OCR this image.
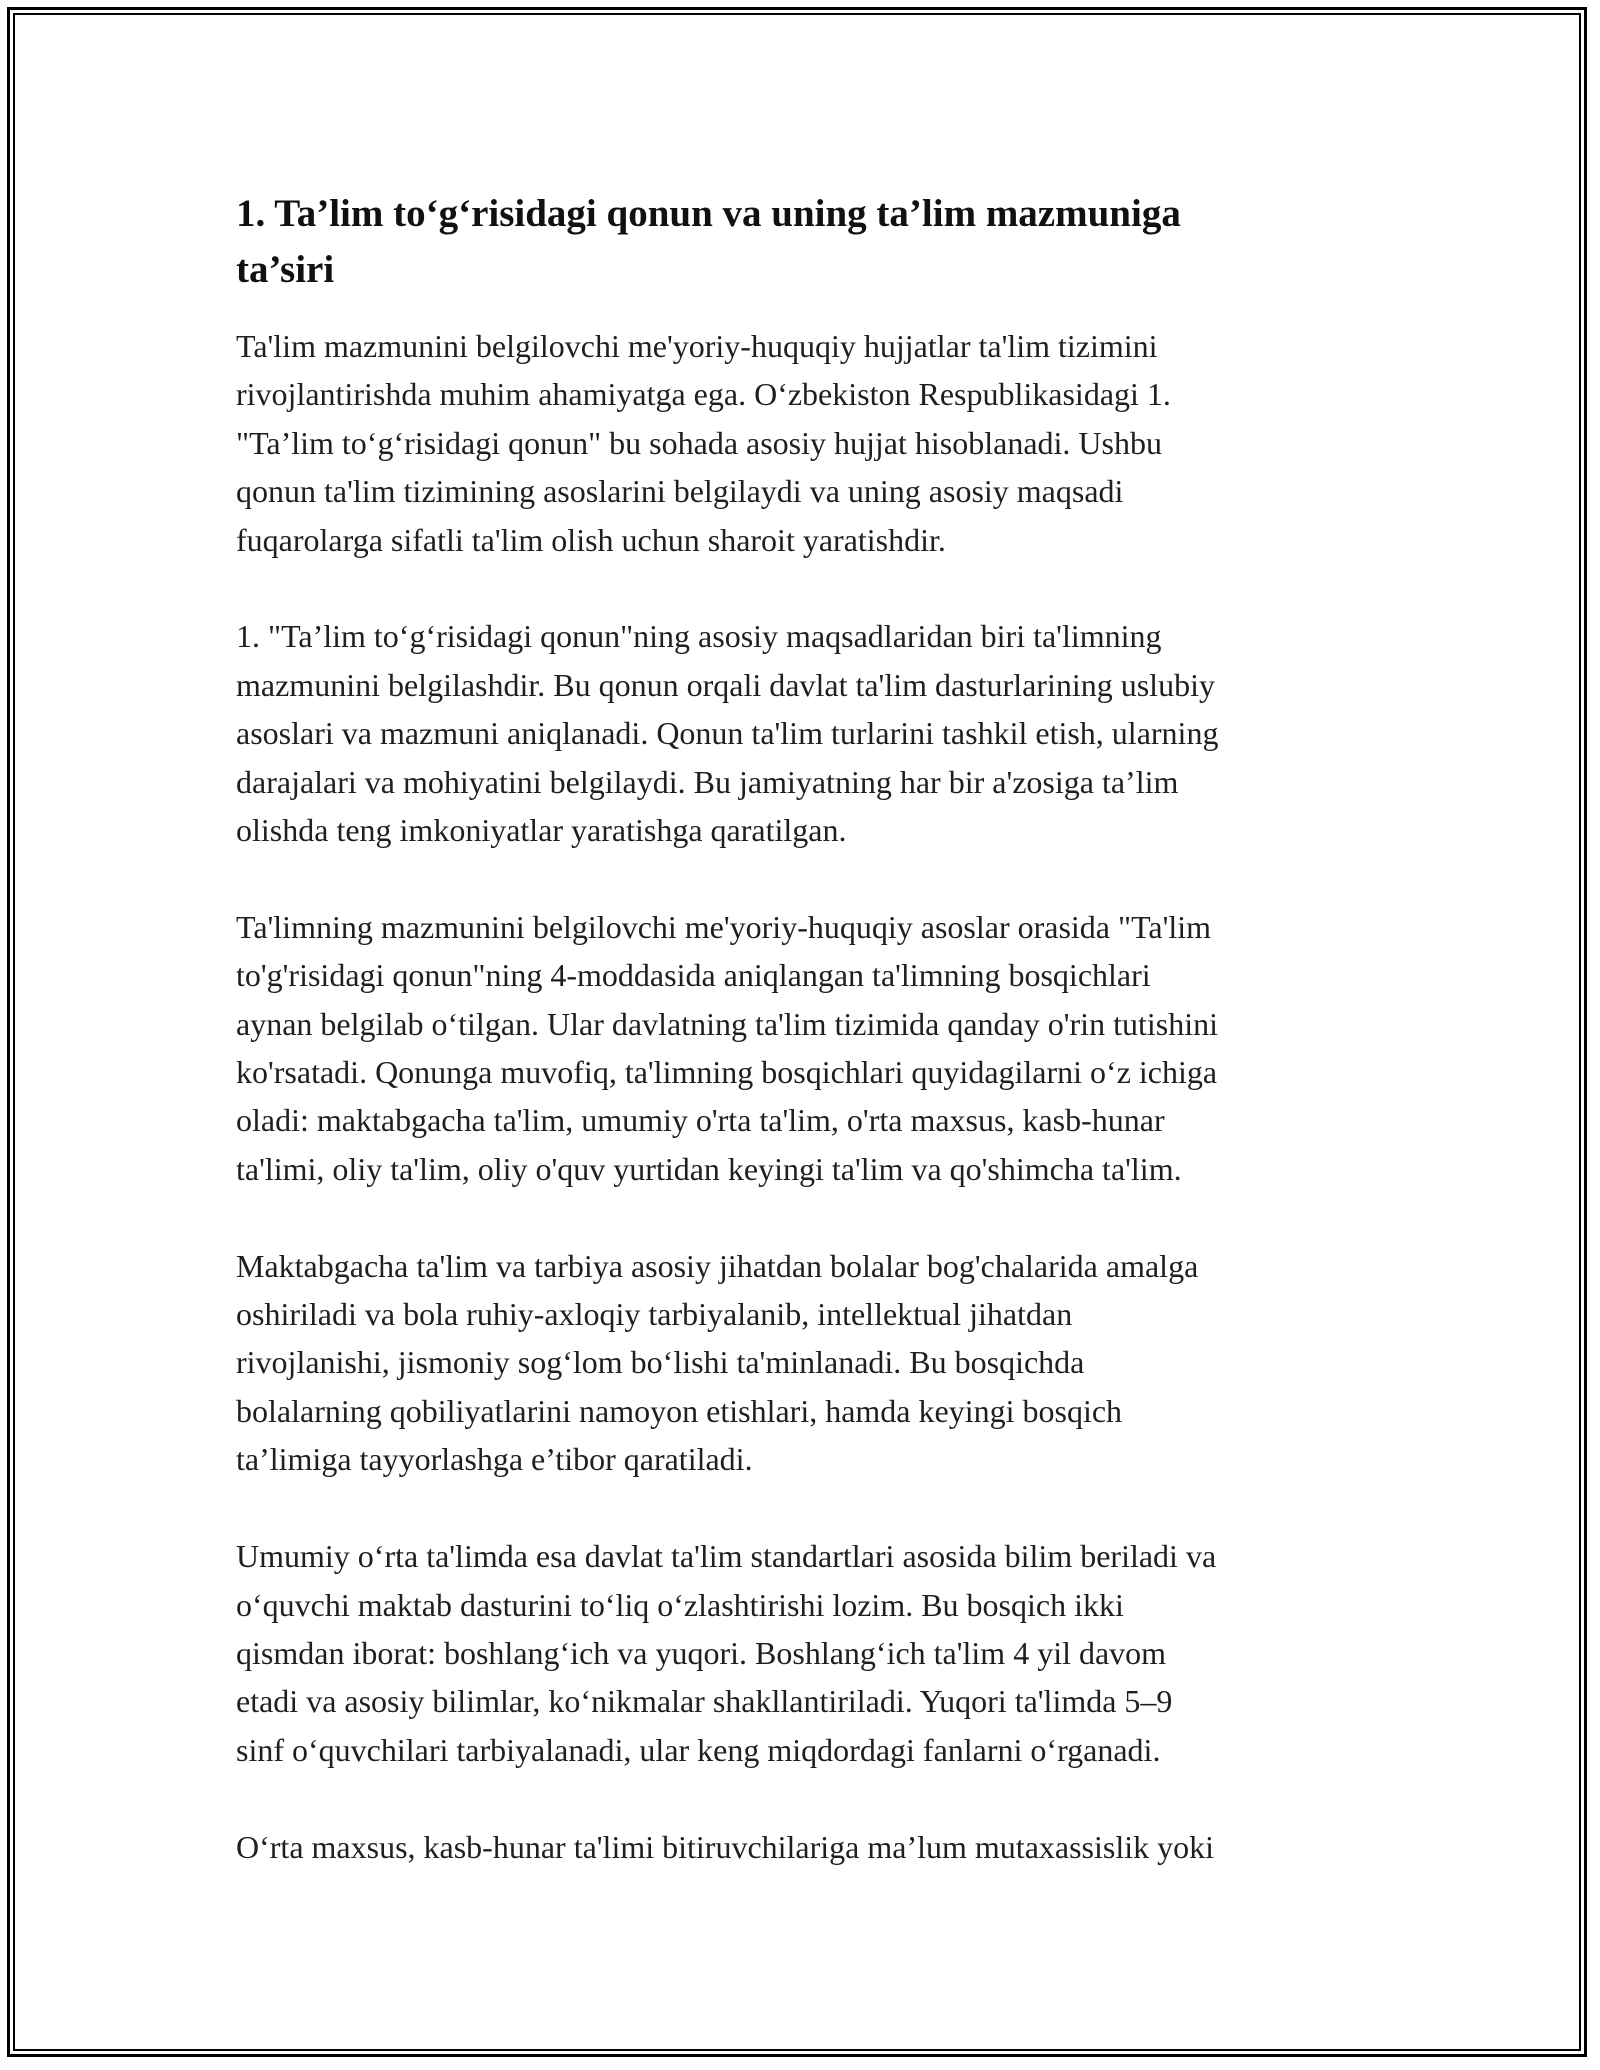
1. Ta’lim to‘g‘risidagi qonun va uning ta’lim mazmuniga
ta’siri

Ta'lim mazmunini belgilovchi me'yoriy-huquqiy hujjatlar ta'lim tizimini
rivojlantirishda muhim ahamiyatga ega. O‘zbekiston Respublikasidagi 1.
"Ta’lim to‘g‘risidagi qonun" bu sohada asosiy hujjat hisoblanadi. Ushbu
qonun ta'lim tizimining asoslarini belgilaydi va uning asosiy maqsadi
fuqarolarga sifatli ta'lim olish uchun sharoit yaratishdir.

1. "Ta’lim to‘g‘risidagi qonun"ning asosiy maqsadlaridan biri ta'limning
mazmunini belgilashdir. Bu qonun orqali davlat ta'lim dasturlarining uslubiy
asoslari va mazmuni aniqlanadi. Qonun ta'lim turlarini tashkil etish, ularning
darajalari va mohiyatini belgilaydi. Bu jamiyatning har bir a'zosiga ta’lim
olishda teng imkoniyatlar yaratishga qaratilgan.

Ta'limning mazmunini belgilovchi me'yoriy-huquqiy asoslar orasida "Ta'lim
to'g'risidagi qonun"ning 4-moddasida aniqlangan ta'limning bosqichlari
aynan belgilab o‘tilgan. Ular davlatning ta'lim tizimida qanday o'rin tutishini
ko'rsatadi. Qonunga muvofiq, ta'limning bosqichlari quyidagilarni o‘z ichiga
oladi: maktabgacha ta'lim, umumiy o'rta ta'lim, o'rta maxsus, kasb-hunar
ta'limi, oliy ta'lim, oliy o'quv yurtidan keyingi ta'lim va qo'shimcha ta'lim.

Maktabgacha ta'lim va tarbiya asosiy jihatdan bolalar bog'chalarida amalga
oshiriladi va bola ruhiy-axloqiy tarbiyalanib, intellektual jihatdan
rivojlanishi, jismoniy sog‘lom bo‘lishi ta'minlanadi. Bu bosqichda
bolalarning qobiliyatlarini namoyon etishlari, hamda keyingi bosqich
ta’limiga tayyorlashga e’tibor qaratiladi.

Umumiy o‘rta ta'limda esa davlat ta'lim standartlari asosida bilim beriladi va
o‘quvchi maktab dasturini to‘liq o‘zlashtirishi lozim. Bu bosqich ikki
qismdan iborat: boshlang‘ich va yuqori. Boshlang‘ich ta'lim 4 yil davom
etadi va asosiy bilimlar, ko‘nikmalar shakllantiriladi. Yuqori ta'limda 5–9
sinf o‘quvchilari tarbiyalanadi, ular keng miqdordagi fanlarni o‘rganadi.

O‘rta maxsus, kasb-hunar ta'limi bitiruvchilariga ma’lum mutaxassislik yoki
